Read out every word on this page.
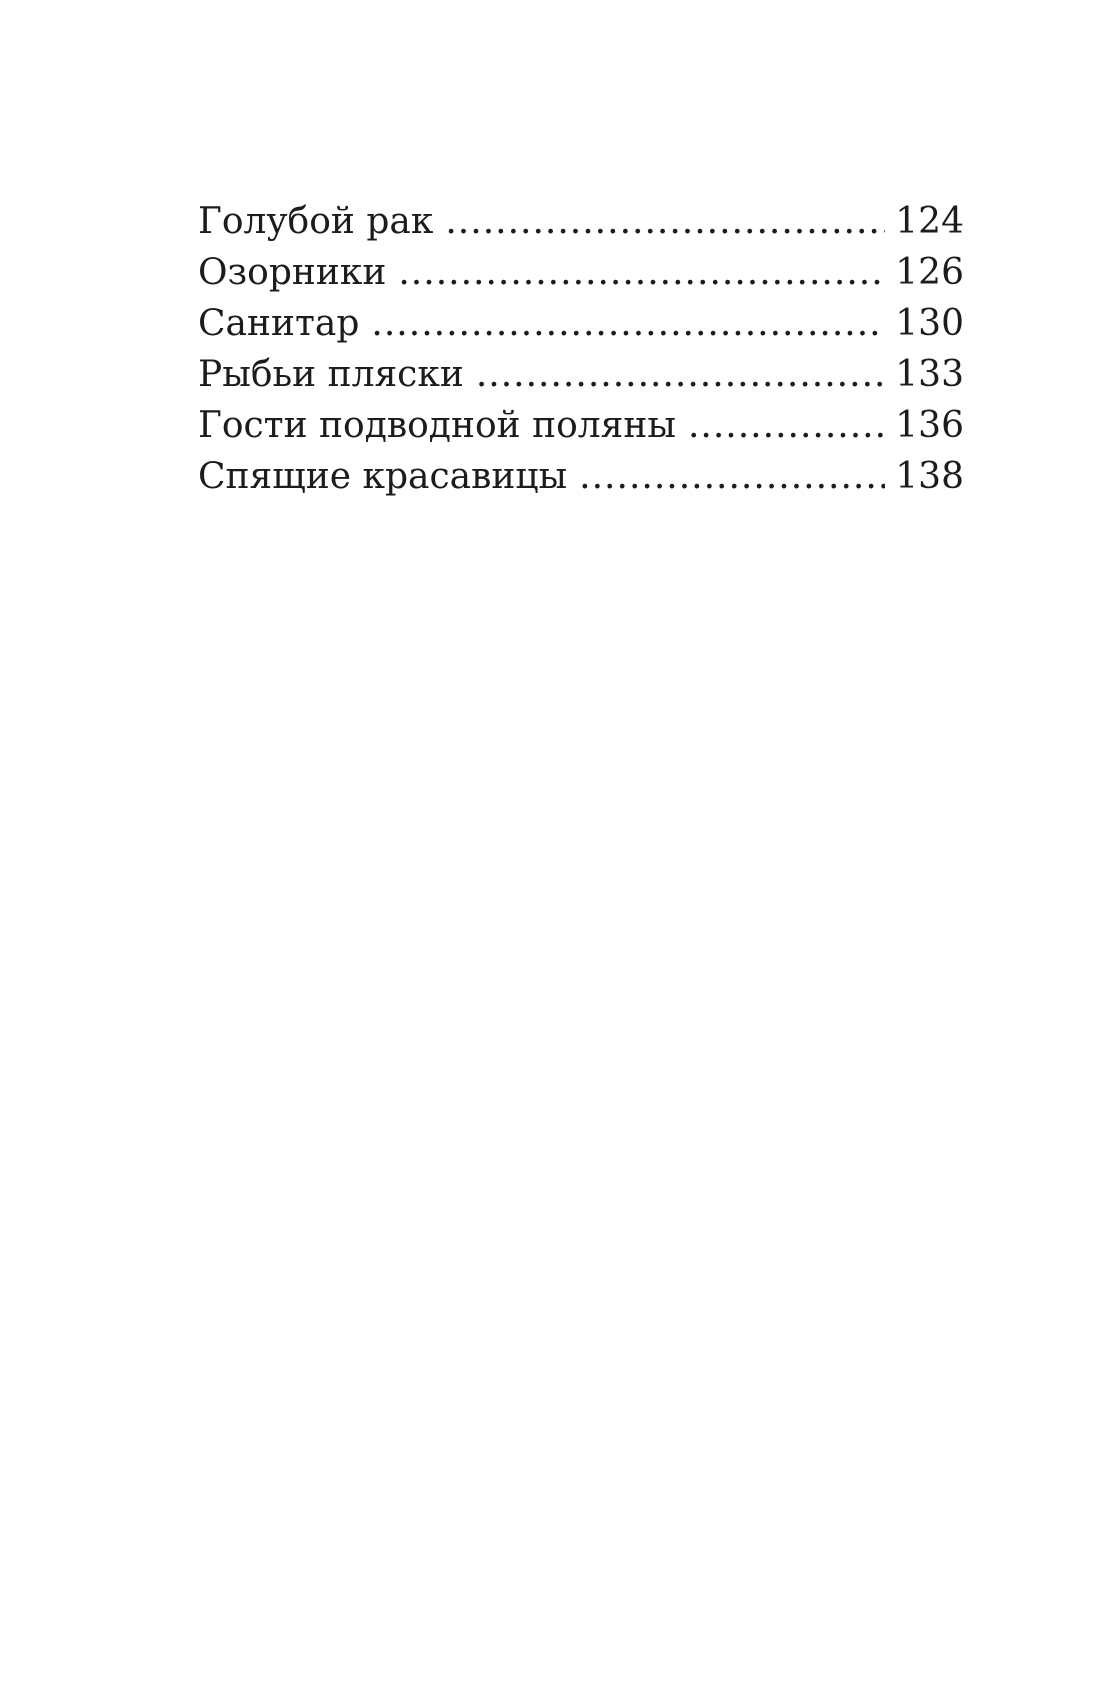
Голубой рак .....	124
Озорники .....	126
Санитар .....	130
Рыбьи пляски .....	133
Гости подводной поляны .....	136
Спящие красавицы .....	138
